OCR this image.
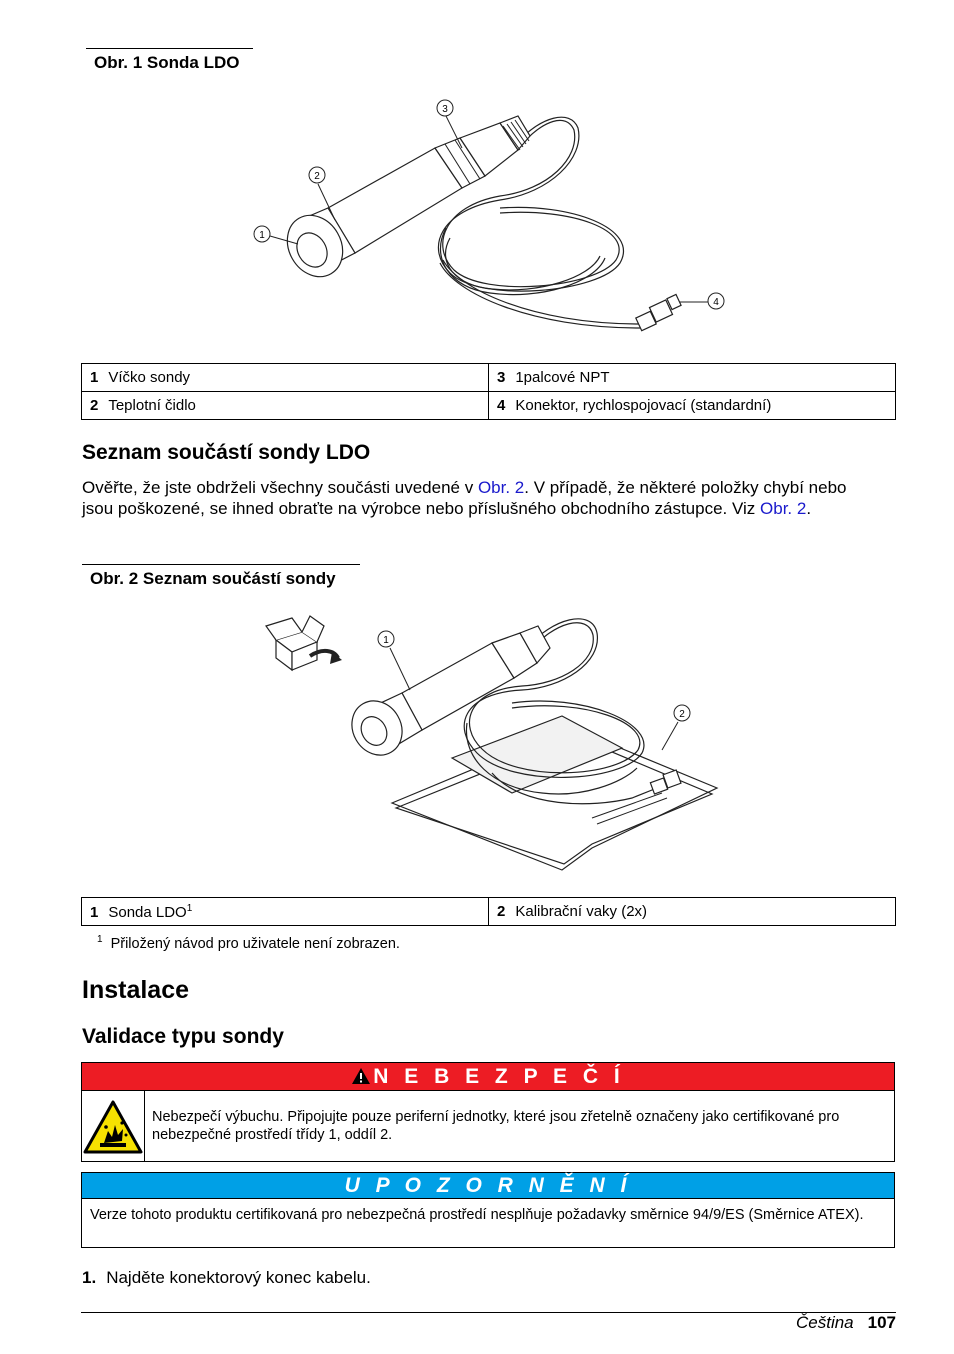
Obr. 1 Sonda LDO
3
2
1
4
1 Víčko sondy	3 1palcové NPT
2 Teplotní čidlo	4 Konektor, rychlospojovací (standardní)
Seznam součástí sondy LDO

Ověřte, že jste obdrželi všechny součásti uvedené v Obr. 2. V případě, že některé položky chybí nebo jsou poškozené, se ihned obraťte na výrobce nebo příslušného obchodního zástupce. Viz Obr. 2.

Obr. 2 Seznam součástí sondy
1
2
1 Sonda LDO$^1$	2 Kalibrační vaky (2x)
$^1$ Přiložený návod pro uživatele není zobrazen.
Instalace
Validace typu sondy
N E B E Z P E Č Í
Nebezpečí výbuchu. Připojujte pouze periferní jednotky, které jsou zřetelně označeny jako certifikované pro nebezpečné prostředí třídy 1, oddíl 2.
U P O Z O R N Ě N Í
Verze tohoto produktu certifikovaná pro nebezpečná prostředí nesplňuje požadavky směrnice 94/9/ES (Směrnice ATEX).
1. Najděte konektorový konec kabelu.
Čeština 107
